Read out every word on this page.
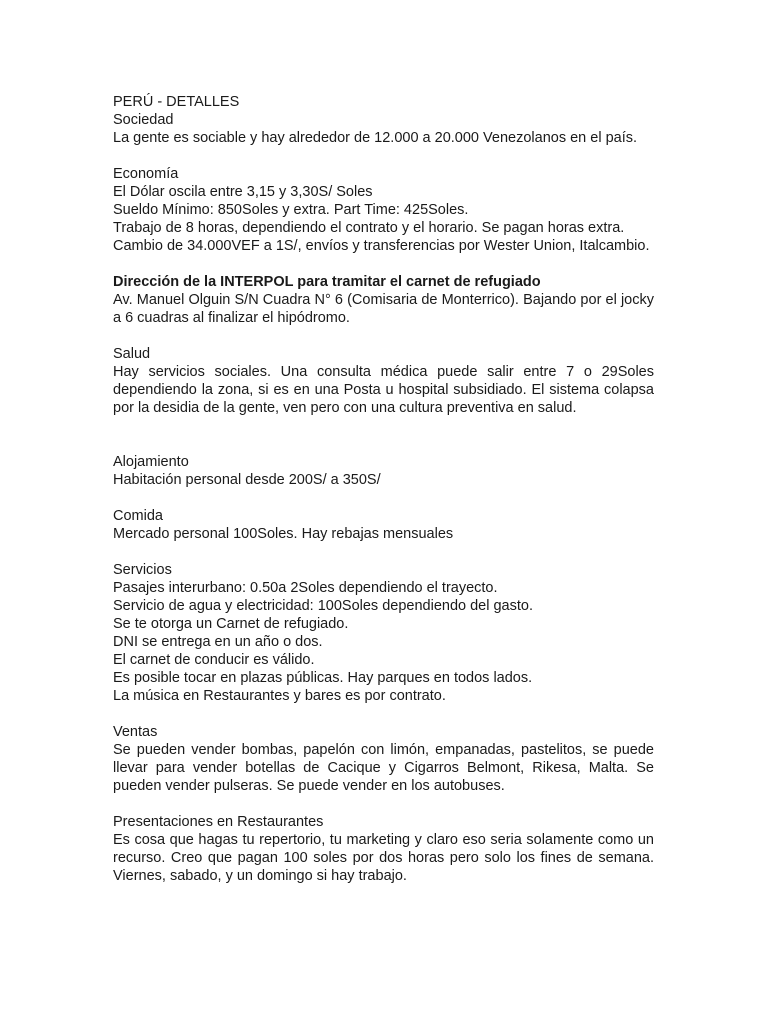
PERÚ - DETALLES
Sociedad
La gente es sociable y hay alrededor de 12.000 a 20.000 Venezolanos en el país.
Economía
El Dólar oscila entre 3,15 y 3,30S/ Soles
Sueldo Mínimo: 850Soles y extra. Part Time: 425Soles.
Trabajo de 8 horas, dependiendo el contrato y el horario. Se pagan horas extra.
Cambio de 34.000VEF a 1S/, envíos y transferencias por Wester Union, Italcambio.
Dirección de la INTERPOL para tramitar el carnet de refugiado
Av. Manuel Olguin S/N Cuadra N° 6 (Comisaria de Monterrico). Bajando por el jocky a 6 cuadras al finalizar el hipódromo.
Salud
Hay servicios sociales. Una consulta médica puede salir entre 7 o 29Soles dependiendo la zona, si es en una Posta u hospital subsidiado. El sistema colapsa por la desidia de la gente, ven pero con una cultura preventiva en salud.
Alojamiento
Habitación personal desde 200S/ a 350S/
Comida
Mercado personal 100Soles. Hay rebajas mensuales
Servicios
Pasajes interurbano: 0.50a 2Soles dependiendo el trayecto.
Servicio de agua y electricidad: 100Soles dependiendo del gasto.
Se te otorga un Carnet de refugiado.
DNI se entrega en un año o dos.
El carnet de conducir es válido.
Es posible tocar en plazas públicas. Hay parques en todos lados.
La música en Restaurantes y bares es por contrato.
Ventas
Se pueden vender bombas, papelón con limón, empanadas, pastelitos, se puede llevar para vender botellas de Cacique y Cigarros Belmont, Rikesa, Malta. Se pueden vender pulseras. Se puede vender en los autobuses.
Presentaciones en Restaurantes
Es cosa que hagas tu repertorio, tu marketing y claro eso seria solamente como un recurso. Creo que pagan 100 soles por dos horas pero solo los fines de semana. Viernes, sabado, y un domingo si hay trabajo.
